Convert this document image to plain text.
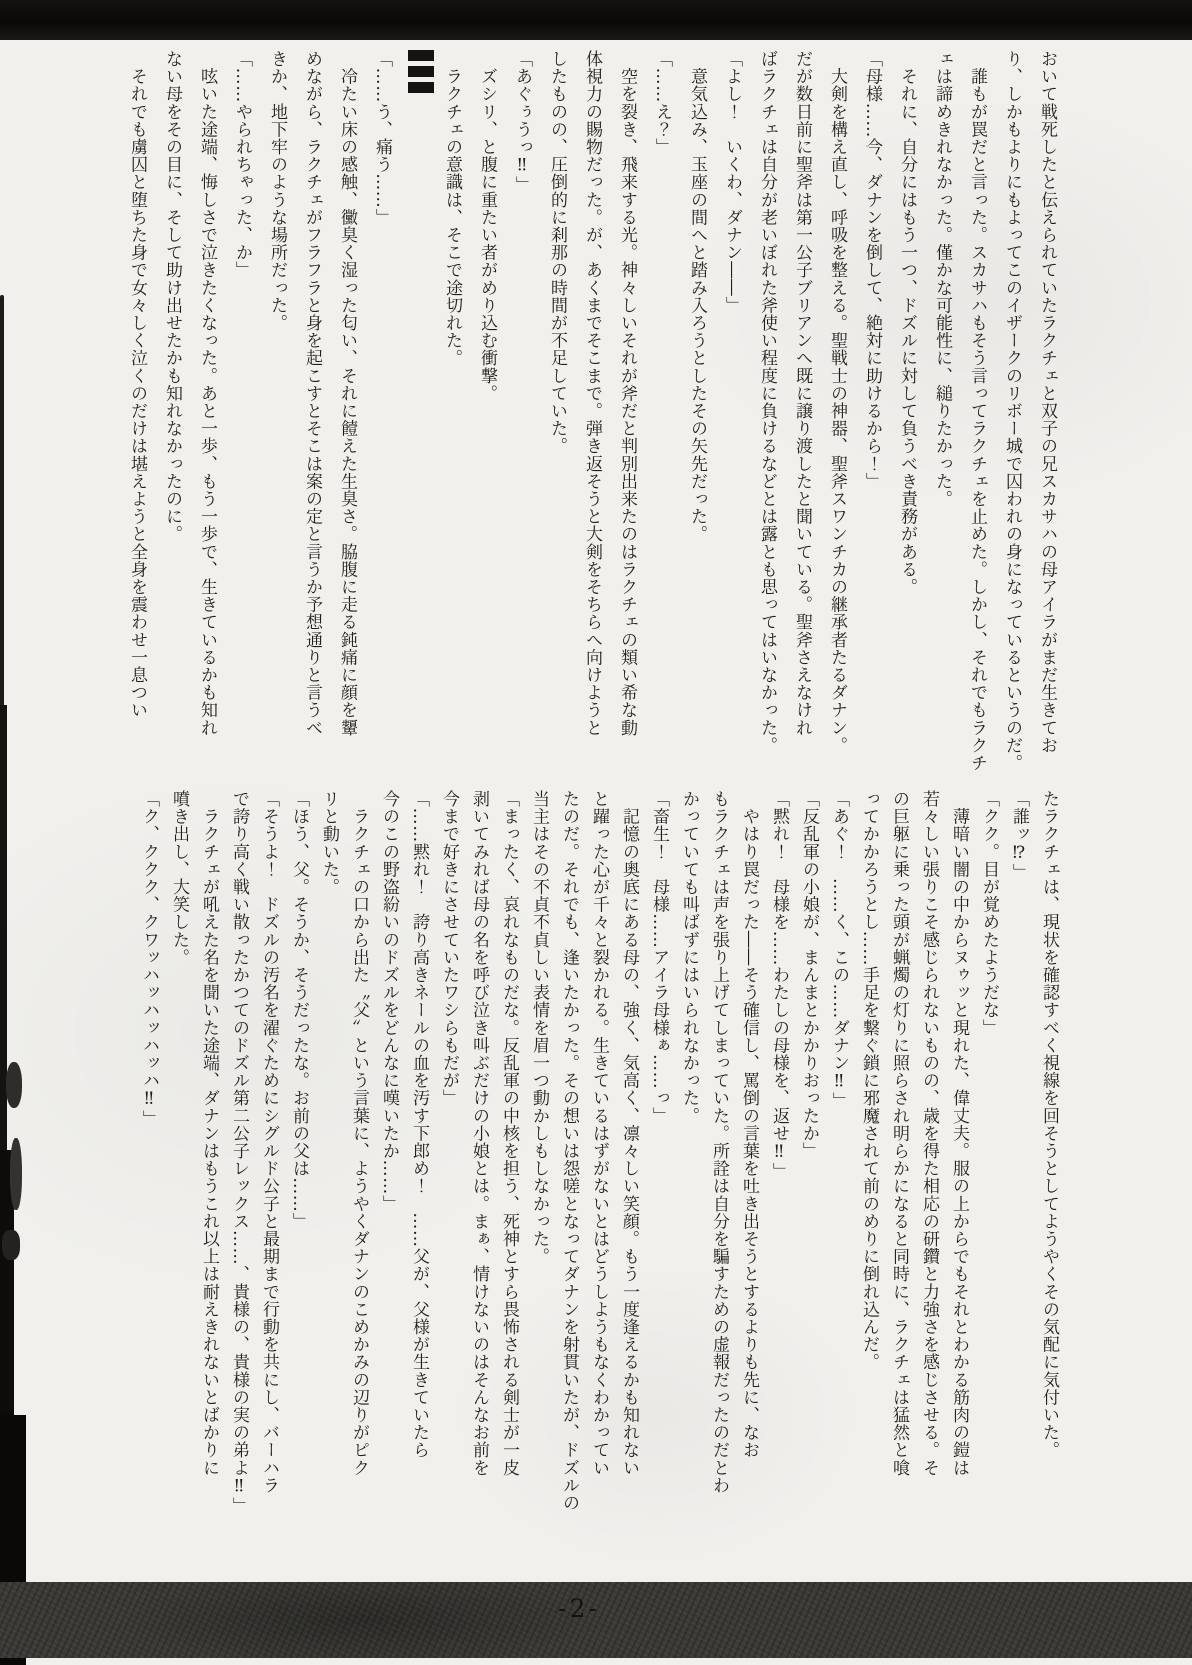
おいて戦死したと伝えられていたラクチェと双子の兄スカサハの母アイラがまだ生きてお

り、しかもよりにもよってこのイザークのリボー城で囚われの身になっているというのだ。

　誰もが罠だと言った。スカサハもそう言ってラクチェを止めた。しかし、それでもラクチ

ェは諦めきれなかった。僅かな可能性に、縋りたかった。

　それに、自分にはもう一つ、ドズルに対して負うべき責務がある。

「母様……今、ダナンを倒して、絶対に助けるから！」

　大剣を構え直し、呼吸を整える。聖戦士の神器、聖斧スワンチカの継承者たるダナン。

だが数日前に聖斧は第一公子ブリアンへ既に譲り渡したと聞いている。聖斧さえなけれ

ばラクチェは自分が老いぼれた斧使い程度に負けるなどとは露とも思ってはいなかった。

「よし！　いくわ、ダナン――」

　意気込み、玉座の間へと踏み入ろうとしたその矢先だった。

「……え？」

　空を裂き、飛来する光。神々しいそれが斧だと判別出来たのはラクチェの類い希な動

体視力の賜物だった。が、あくまでそこまで。弾き返そうと大剣をそちらへ向けようと

したものの、圧倒的に刹那の時間が不足していた。

「あぐぅうっ‼」

　ズシリ、と腹に重たい者がめり込む衝撃。

　ラクチェの意識は、そこで途切れた。

「……う、痛う……」

　冷たい床の感触、黴臭く湿った匂い、それに饐えた生臭さ。脇腹に走る鈍痛に顔を顰

めながら、ラクチェがフラフラと身を起こすとそこは案の定と言うか予想通りと言うべ

きか、地下牢のような場所だった。

「……やられちゃった、か」

　呟いた途端、悔しさで泣きたくなった。あと一歩、もう一歩で、生きているかも知れ

ない母をその目に、そして助け出せたかも知れなかったのに。

　それでも虜囚と堕ちた身で女々しく泣くのだけは堪えようと全身を震わせ一息つい

たラクチェは、現状を確認すべく視線を回そうとしてようやくその気配に気付いた。

「誰ッ⁉」

「クク。目が覚めたようだな」

　薄暗い闇の中からヌゥッと現れた、偉丈夫。服の上からでもそれとわかる筋肉の鎧は

若々しい張りこそ感じられないものの、歳を得た相応の研鑽と力強さを感じさせる。そ

の巨躯に乗った頭が蝋燭の灯りに照らされ明らかになると同時に、ラクチェは猛然と喰

ってかかろうとし……手足を繋ぐ鎖に邪魔されて前のめりに倒れ込んだ。

「あぐ！　……く、この……ダナン‼」

「反乱軍の小娘が、まんまとかかりおったか」

「黙れ！　母様を……わたしの母様を、返せ‼」

　やはり罠だった――そう確信し、罵倒の言葉を吐き出そうとするよりも先に、なお

もラクチェは声を張り上げてしまっていた。所詮は自分を騙すための虚報だったのだとわ

かっていても叫ばずにはいられなかった。

「畜生！　母様……アイラ母様ぁ……っ」

　記憶の奥底にある母の、強く、気高く、凛々しい笑顔。もう一度逢えるかも知れない

と躍った心が千々と裂かれる。生きているはずがないとはどうしようもなくわかってい

たのだ。それでも、逢いたかった。その想いは怨嗟となってダナンを射貫いたが、ドズルの

当主はその不貞不貞しい表情を眉一つ動かしもしなかった。

「まったく、哀れなものだな。反乱軍の中核を担う、死神とすら畏怖される剣士が一皮

剥いてみれば母の名を呼び泣き叫ぶだけの小娘とは。まぁ、情けないのはそんなお前を

今まで好きにさせていたワシらもだが」

「……黙れ！　誇り高きネールの血を汚す下郎め！　……父が、父様が生きていたら

今のこの野盗紛いのドズルをどんなに嘆いたか……」

　ラクチェの口から出た〝父〟という言葉に、ようやくダナンのこめかみの辺りがピク

リと動いた。

「ほう、父。そうか、そうだったな。お前の父は……」

「そうよ！　ドズルの汚名を濯ぐためにシグルド公子と最期まで行動を共にし、バーハラ

で誇り高く戦い散ったかつてのドズル第二公子レックス……、貴様の、貴様の実の弟よ‼」

　ラクチェが吼えた名を聞いた途端、ダナンはもうこれ以上は耐えきれないとばかりに

噴き出し、大笑した。

「ク、ククク、クワッハッハッハッハ‼」

-2-
